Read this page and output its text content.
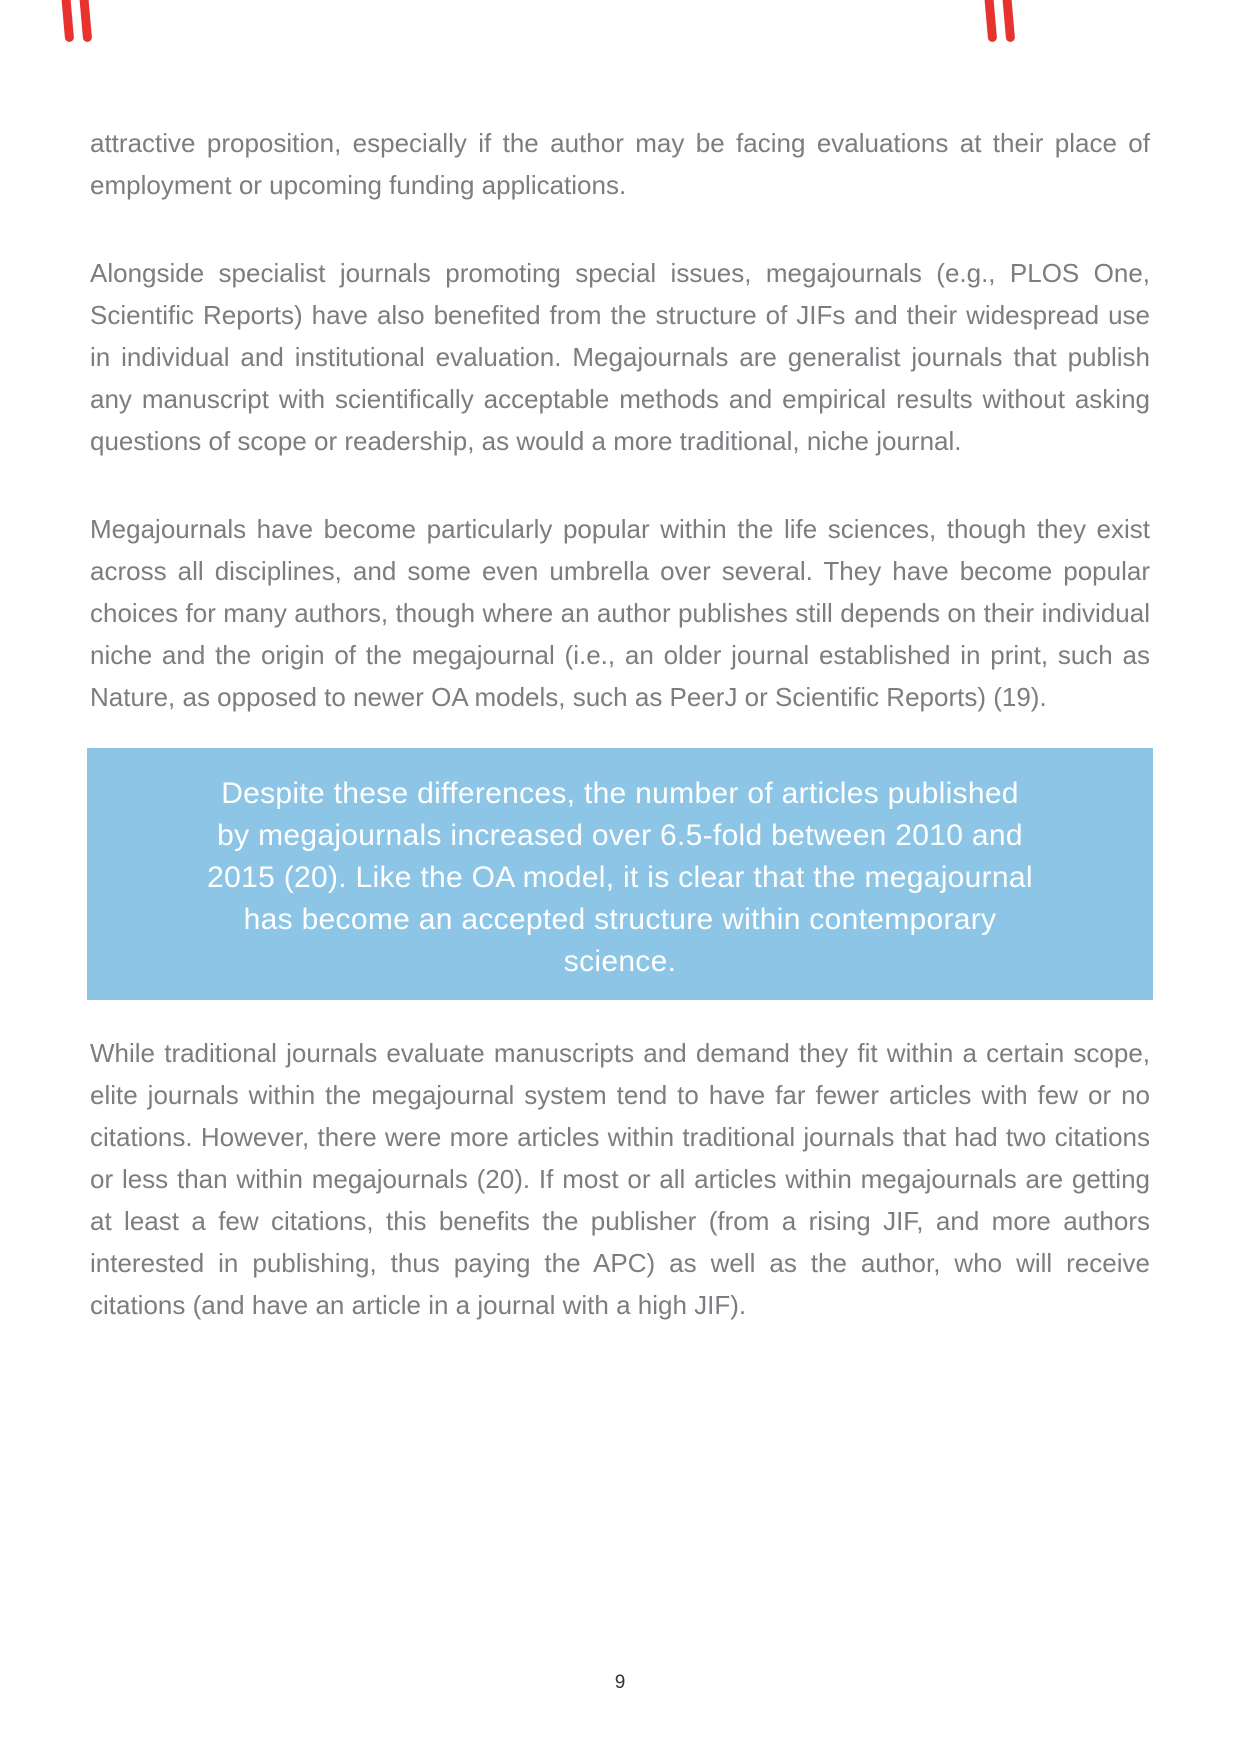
attractive proposition, especially if the author may be facing evaluations at their place of employment or upcoming funding applications.

Alongside specialist journals promoting special issues, megajournals (e.g., PLOS One, Scientific Reports) have also benefited from the structure of JIFs and their widespread use in individual and institutional evaluation. Megajournals are generalist journals that publish any manuscript with scientifically acceptable methods and empirical results without asking questions of scope or readership, as would a more traditional, niche journal.

Megajournals have become particularly popular within the life sciences, though they exist across all disciplines, and some even umbrella over several. They have become popular choices for many authors, though where an author publishes still depends on their individual niche and the origin of the megajournal (i.e., an older journal established in print, such as Nature, as opposed to newer OA models, such as PeerJ or Scientific Reports) (19).

Despite these differences, the number of articles published
by megajournals increased over 6.5-fold between 2010 and
2015 (20). Like the OA model, it is clear that the megajournal
has become an accepted structure within contemporary
science.

While traditional journals evaluate manuscripts and demand they fit within a certain scope, elite journals within the megajournal system tend to have far fewer articles with few or no citations. However, there were more articles within traditional journals that had two citations or less than within megajournals (20). If most or all articles within megajournals are getting at least a few citations, this benefits the publisher (from a rising JIF, and more authors interested in publishing, thus paying the APC) as well as the author, who will receive citations (and have an article in a journal with a high JIF).

9
